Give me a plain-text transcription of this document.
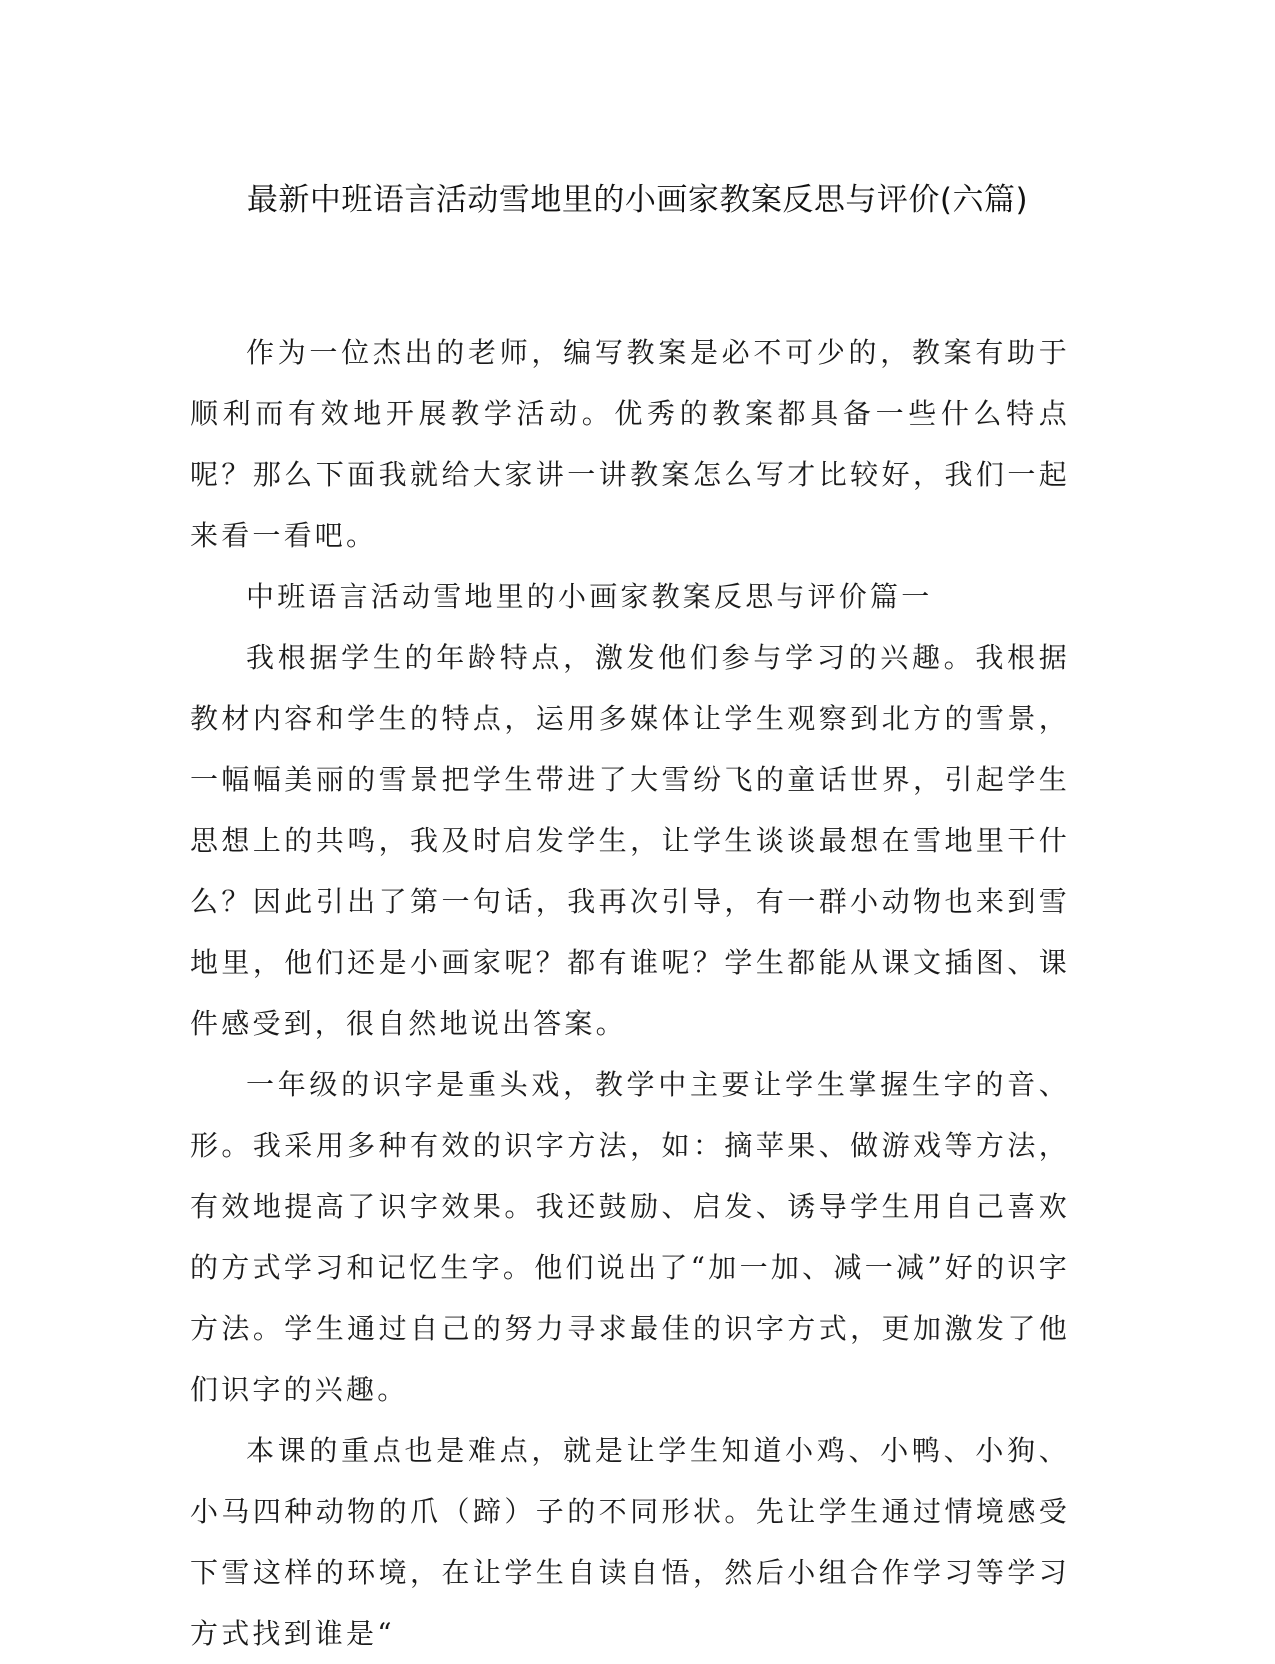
最新中班语言活动雪地里的小画家教案反思与评价(六篇)

作为一位杰出的老师，编写教案是必不可少的，教案有助于顺利而有效地开展教学活动。优秀的教案都具备一些什么特点呢？那么下面我就给大家讲一讲教案怎么写才比较好，我们一起来看一看吧。

中班语言活动雪地里的小画家教案反思与评价篇一

我根据学生的年龄特点，激发他们参与学习的兴趣。我根据教材内容和学生的特点，运用多媒体让学生观察到北方的雪景，一幅幅美丽的雪景把学生带进了大雪纷飞的童话世界，引起学生思想上的共鸣，我及时启发学生，让学生谈谈最想在雪地里干什么？因此引出了第一句话，我再次引导，有一群小动物也来到雪地里，他们还是小画家呢？都有谁呢？学生都能从课文插图、课件感受到，很自然地说出答案。

一年级的识字是重头戏，教学中主要让学生掌握生字的音、形。我采用多种有效的识字方法，如：摘苹果、做游戏等方法，有效地提高了识字效果。我还鼓励、启发、诱导学生用自己喜欢的方式学习和记忆生字。他们说出了“加一加、减一减”好的识字方法。学生通过自己的努力寻求最佳的识字方式，更加激发了他们识字的兴趣。

本课的重点也是难点，就是让学生知道小鸡、小鸭、小狗、小马四种动物的爪（蹄）子的不同形状。先让学生通过情境感受下雪这样的环境，在让学生自读自悟，然后小组合作学习等学习方式找到谁是“
